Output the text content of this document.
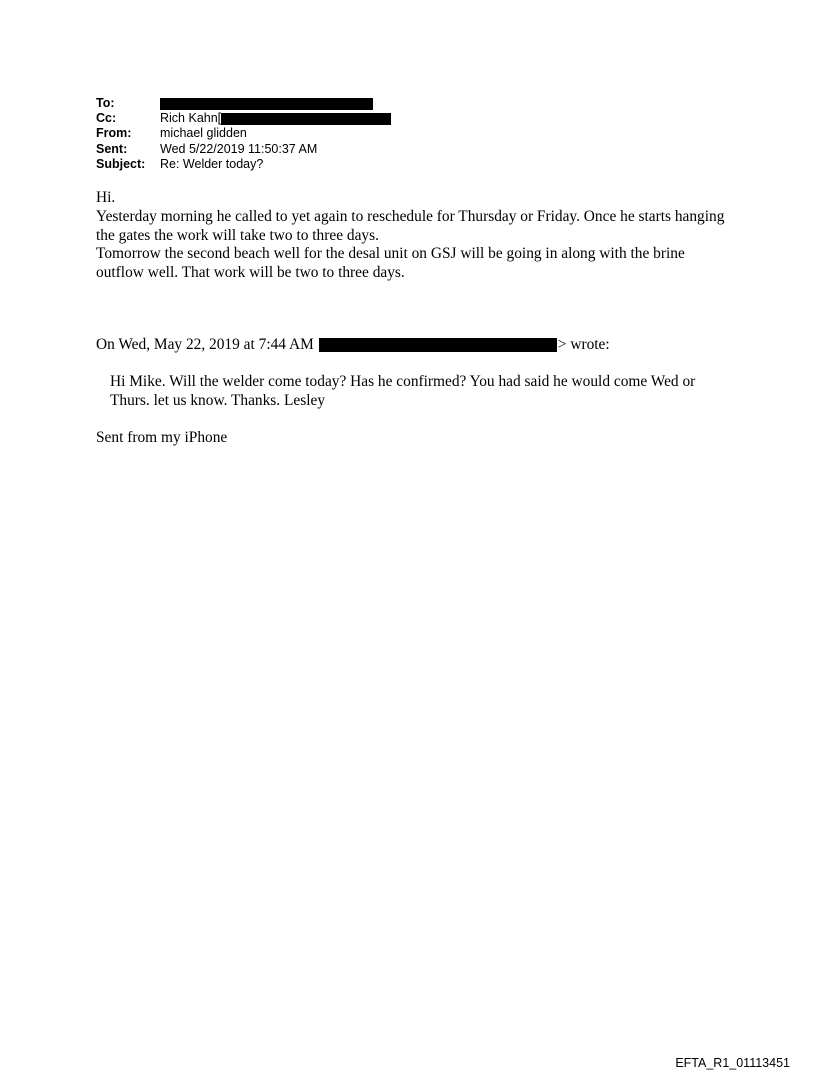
To:
Cc:	Rich Kahn[
From:	michael glidden
Sent:	Wed 5/22/2019 11:50:37 AM
Subject:	Re: Welder today?

Hi.

Yesterday morning he called to yet again to reschedule for Thursday or Friday. Once he starts hanging the gates the work will take two to three days.

Tomorrow the second beach well for the desal unit on GSJ will be going in along with the brine outflow well. That work will be two to three days.

On Wed, May 22, 2019 at 7:44 AM	> wrote:
Hi Mike. Will the welder come today? Has he confirmed? You had said he would come Wed or Thurs. let us know. Thanks. Lesley
Sent from my iPhone
EFTA_R1_01113451
